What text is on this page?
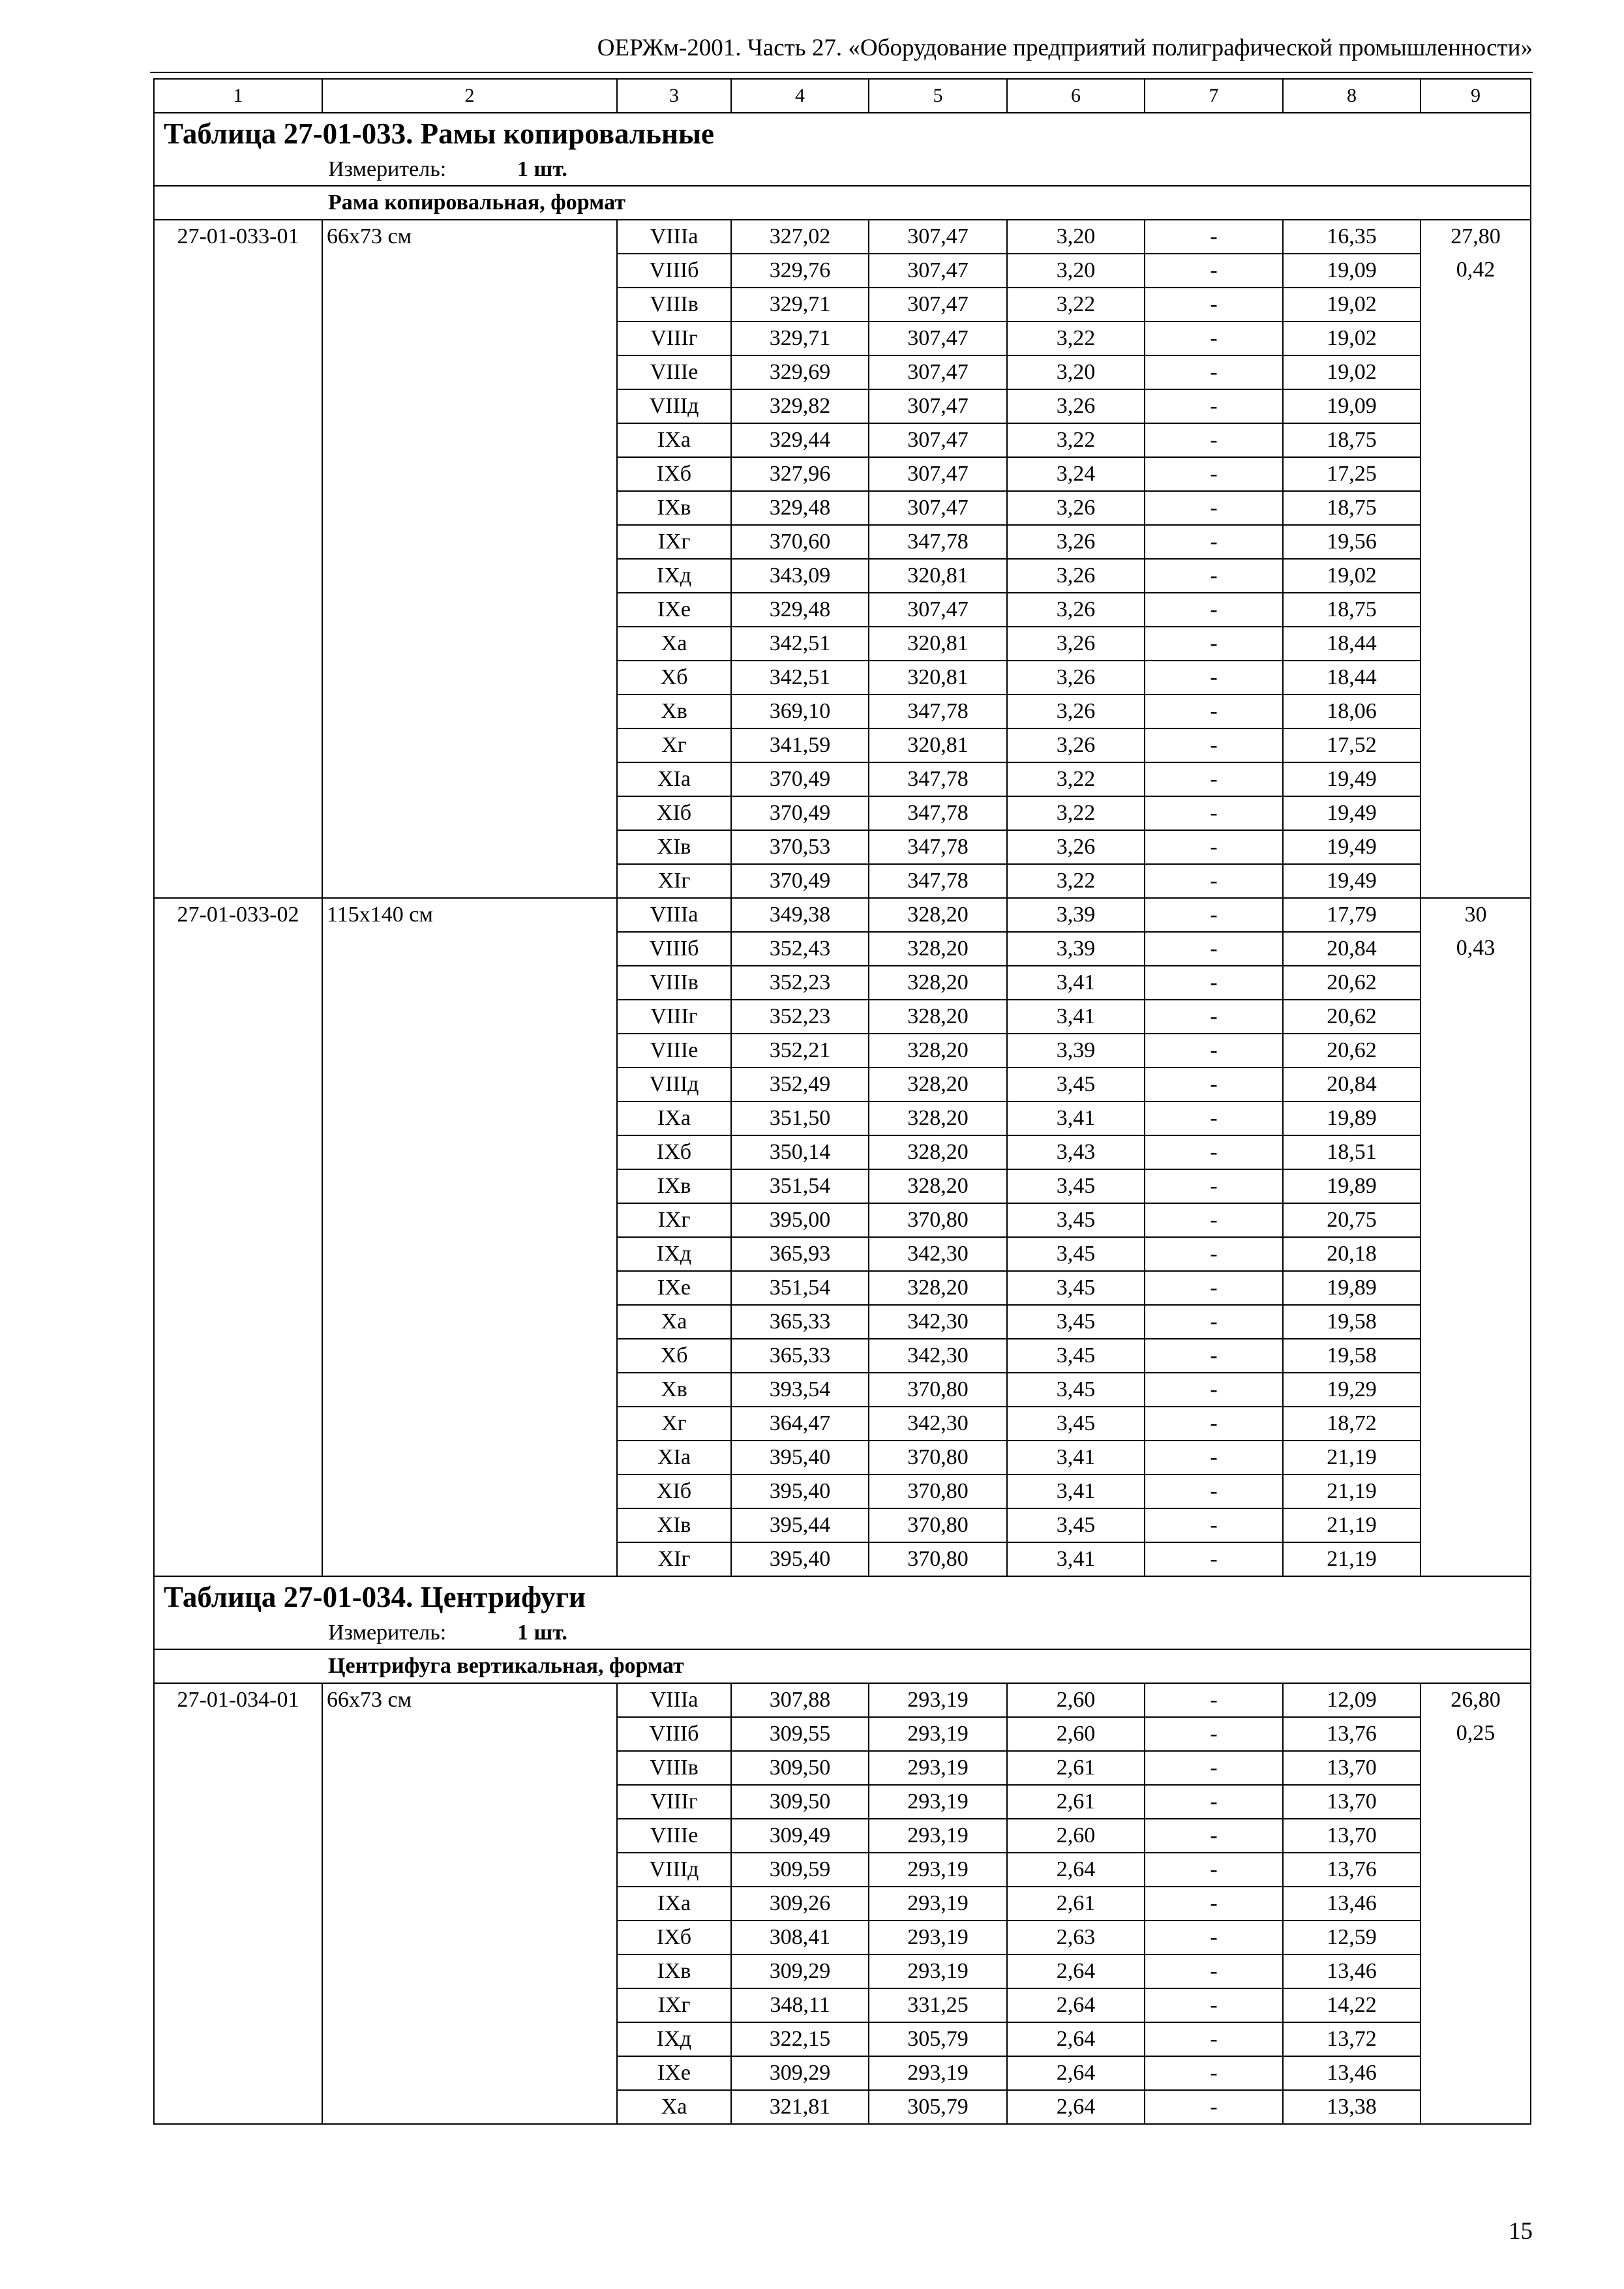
ОЕРЖм-2001. Часть 27. «Оборудование предприятий полиграфической промышленности»
1	2	3	4	5	6	7	8	9

Таблица 27-01-033. Рамы копировальные
Измеритель: 1 шт.								

Рама копировальная, формат								

27-01-033-01	66х73 см	VIIIа	327,02	307,47	3,20	-	16,35	27,80
		VIIIб	329,76	307,47	3,20	-	19,09	0,42
		VIIIв	329,71	307,47	3,22	-	19,02	
		VIIIг	329,71	307,47	3,22	-	19,02	
		VIIIе	329,69	307,47	3,20	-	19,02	
		VIIIд	329,82	307,47	3,26	-	19,09	
		IXа	329,44	307,47	3,22	-	18,75	
		IXб	327,96	307,47	3,24	-	17,25	
		IXв	329,48	307,47	3,26	-	18,75	
		IXг	370,60	347,78	3,26	-	19,56	
		IXд	343,09	320,81	3,26	-	19,02	
		IXе	329,48	307,47	3,26	-	18,75	
		Xа	342,51	320,81	3,26	-	18,44	
		Xб	342,51	320,81	3,26	-	18,44	
		Xв	369,10	347,78	3,26	-	18,06	
		Xг	341,59	320,81	3,26	-	17,52	
		XIа	370,49	347,78	3,22	-	19,49	
		XIб	370,49	347,78	3,22	-	19,49	
		XIв	370,53	347,78	3,26	-	19,49	
		XIг	370,49	347,78	3,22	-	19,49	
27-01-033-02	115х140 см	VIIIа	349,38	328,20	3,39	-	17,79	30
		VIIIб	352,43	328,20	3,39	-	20,84	0,43
		VIIIв	352,23	328,20	3,41	-	20,62	
		VIIIг	352,23	328,20	3,41	-	20,62	
		VIIIе	352,21	328,20	3,39	-	20,62	
		VIIIд	352,49	328,20	3,45	-	20,84	
		IXа	351,50	328,20	3,41	-	19,89	
		IXб	350,14	328,20	3,43	-	18,51	
		IXв	351,54	328,20	3,45	-	19,89	
		IXг	395,00	370,80	3,45	-	20,75	
		IXд	365,93	342,30	3,45	-	20,18	
		IXе	351,54	328,20	3,45	-	19,89	
		Xа	365,33	342,30	3,45	-	19,58	
		Xб	365,33	342,30	3,45	-	19,58	
		Xв	393,54	370,80	3,45	-	19,29	
		Xг	364,47	342,30	3,45	-	18,72	
		XIа	395,40	370,80	3,41	-	21,19	
		XIб	395,40	370,80	3,41	-	21,19	
		XIв	395,44	370,80	3,45	-	21,19	
		XIг	395,40	370,80	3,41	-	21,19	

Таблица 27-01-034. Центрифуги
Измеритель: 1 шт.								

Центрифуга вертикальная, формат								

27-01-034-01	66х73 см	VIIIа	307,88	293,19	2,60	-	12,09	26,80
		VIIIб	309,55	293,19	2,60	-	13,76	0,25
		VIIIв	309,50	293,19	2,61	-	13,70	
		VIIIг	309,50	293,19	2,61	-	13,70	
		VIIIе	309,49	293,19	2,60	-	13,70	
		VIIIд	309,59	293,19	2,64	-	13,76	
		IXа	309,26	293,19	2,61	-	13,46	
		IXб	308,41	293,19	2,63	-	12,59	
		IXв	309,29	293,19	2,64	-	13,46	
		IXг	348,11	331,25	2,64	-	14,22	
		IXд	322,15	305,79	2,64	-	13,72	
		IXе	309,29	293,19	2,64	-	13,46	
		Xа	321,81	305,79	2,64	-	13,38	
15
